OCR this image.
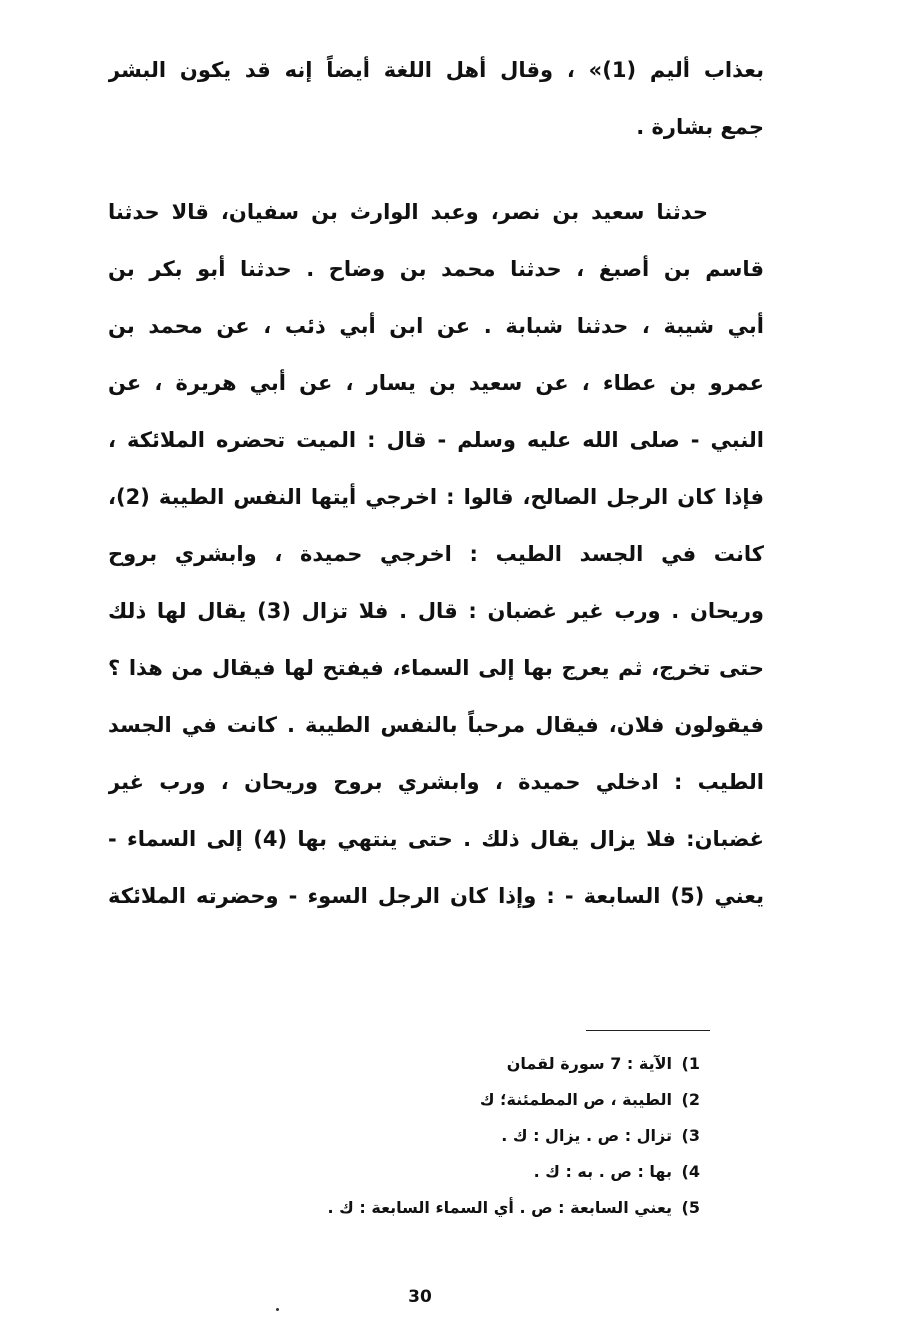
بعذاب أليم (1)» ، وقال أهل اللغة أيضاً إنه قد يكون البشر
جمع بشارة .
حدثنا سعيد بن نصر، وعبد الوارث بن سفيان، قالا حدثنا
قاسم بن أصبغ ، حدثنا محمد بن وضاح . حدثنا أبو بكر بن
أبي شيبة ، حدثنا شبابة . عن ابن أبي ذئب ، عن محمد بن
عمرو بن عطاء ، عن سعيد بن يسار ، عن أبي هريرة ، عن
النبي - صلى الله عليه وسلم - قال : الميت تحضره الملائكة ،
فإذا كان الرجل الصالح، قالوا : اخرجي أيتها النفس الطيبة (2)،
كانت في الجسد الطيب : اخرجي حميدة ، وابشري بروح
وريحان . ورب غير غضبان : قال . فلا تزال (3) يقال لها ذلك
حتى تخرج، ثم يعرج بها إلى السماء، فيفتح لها فيقال من هذا ؟
فيقولون فلان، فيقال مرحباً بالنفس الطيبة . كانت في الجسد
الطيب : ادخلي حميدة ، وابشري بروح وريحان ، ورب غير
غضبان: فلا يزال يقال ذلك . حتى ينتهي بها (4) إلى السماء -
يعني (5) السابعة - : وإذا كان الرجل السوء - وحضرته الملائكة
1)
الآية : 7 سورة لقمان
2)
الطيبة ، ص المطمئنة؛ ك
3)
تزال : ص . يزال : ك .
4)
بها : ص . به : ك .
5)
يعني السابعة : ص . أي السماء السابعة : ك .
30
